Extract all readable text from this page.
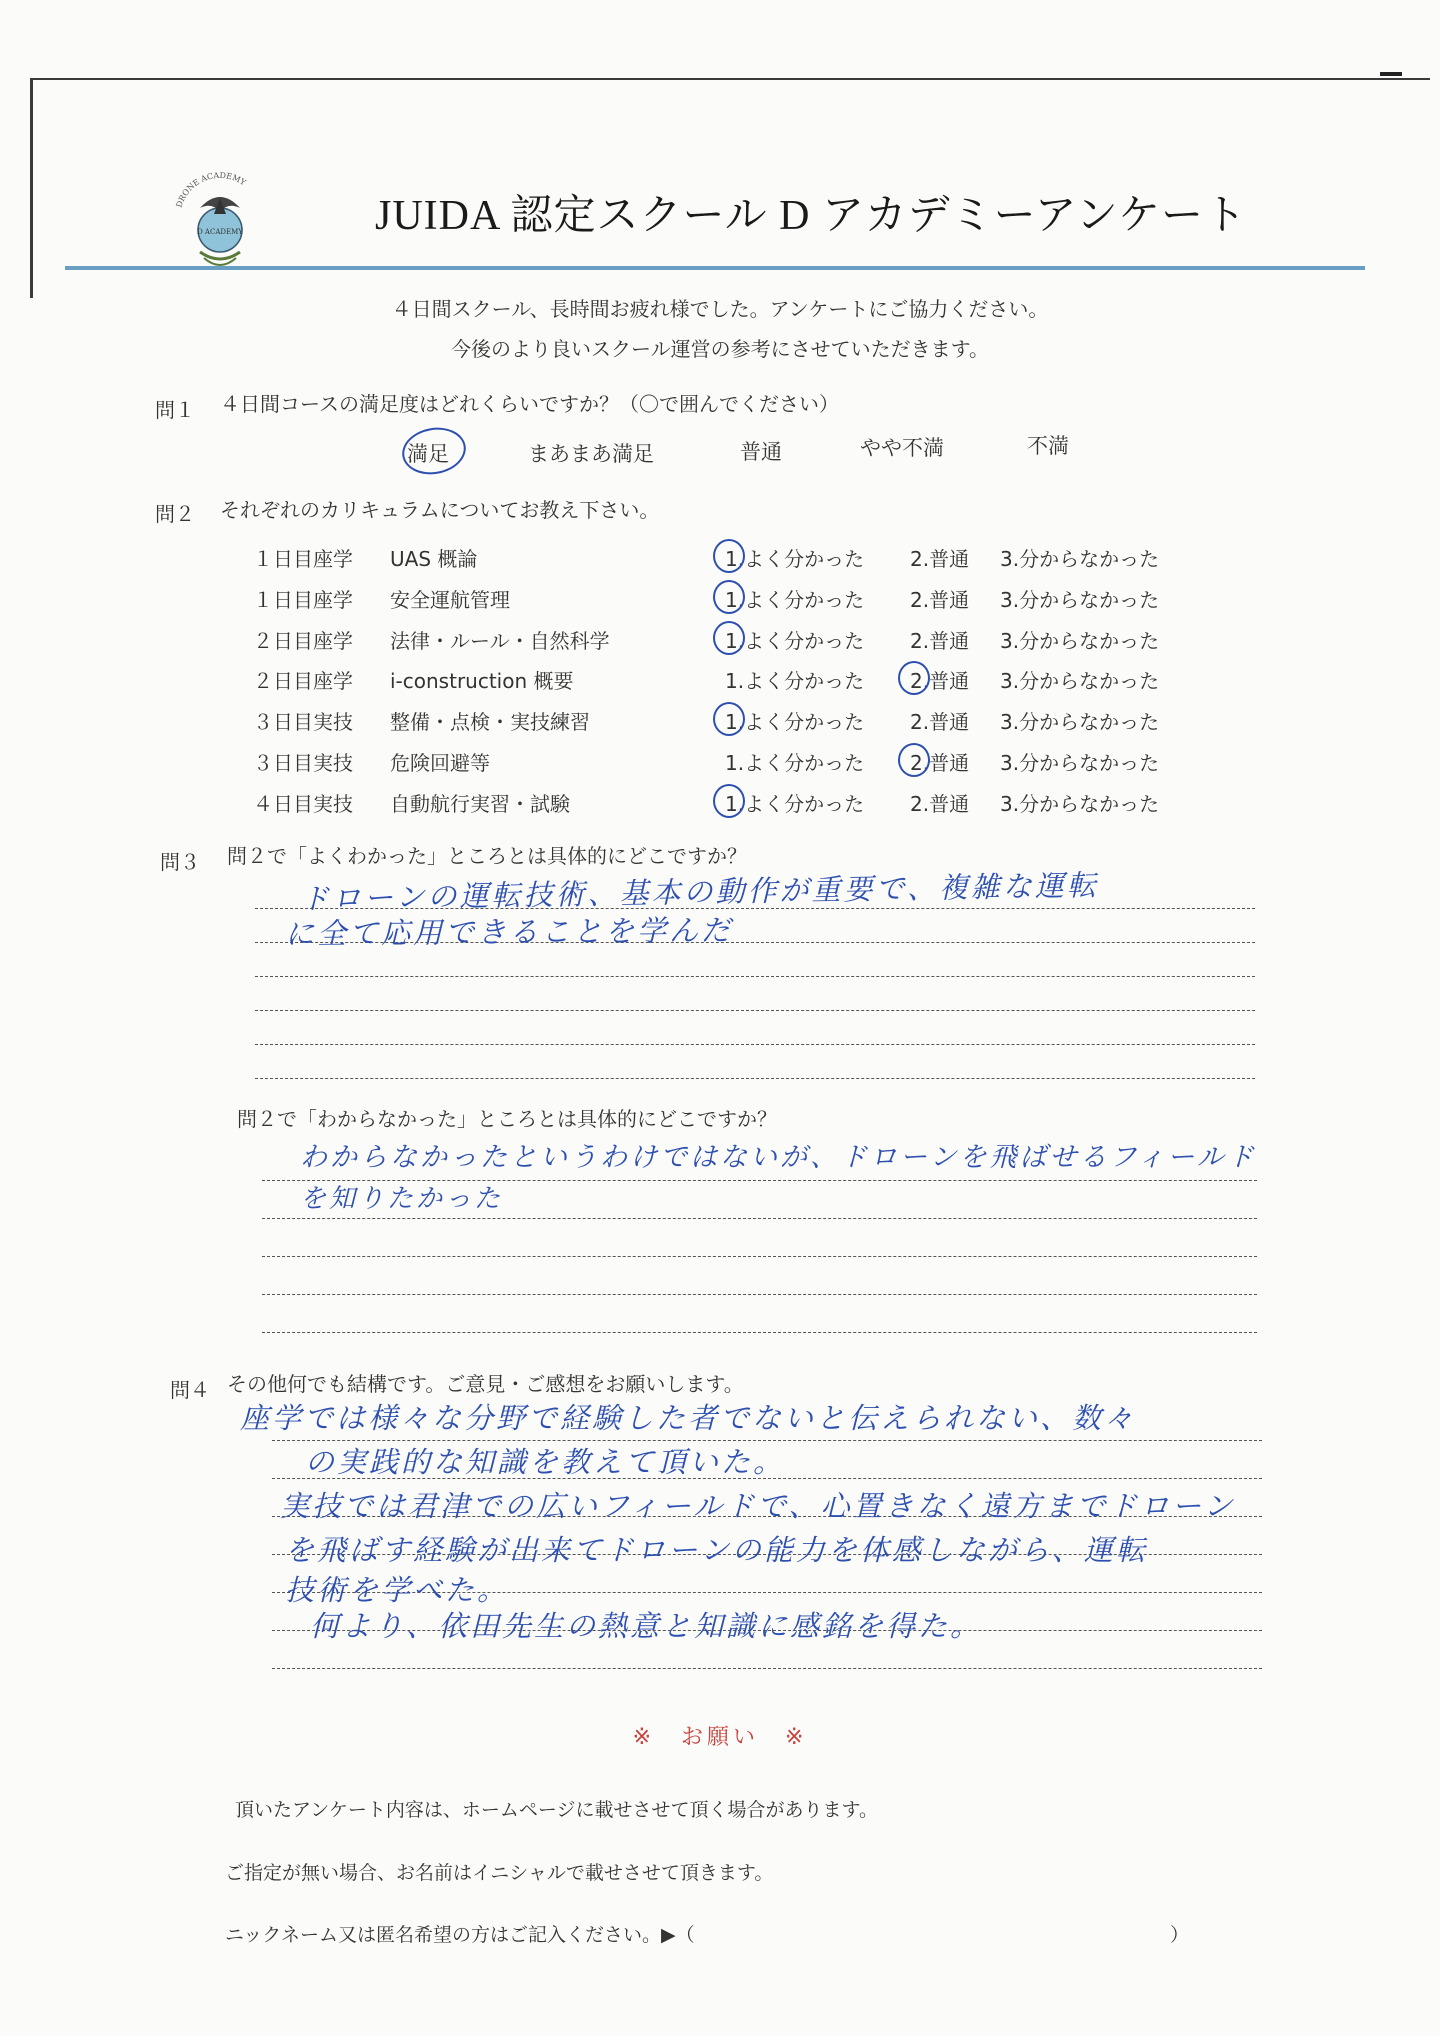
DRONE ACADEMY
D ACADEMY	JUIDA 認定スクール D アカデミーアンケート
４日間スクール、長時間お疲れ様でした。アンケートにご協力ください。
今後のより良いスクール運営の参考にさせていただきます。
問１ ４日間コースの満足度はどれくらいですか？（〇で囲んでください）
満足	まあまあ満足	普通	やや不満	不満
問２ それぞれのカリキュラムについてお教え下さい。
１日目座学 UAS 概論	1.よく分かった 2.普通 3.分からなかった
１日目座学 安全運航管理	1.よく分かった 2.普通 3.分からなかった
２日目座学 法律・ルール・自然科学	1.よく分かった 2.普通 3.分からなかった
２日目座学 i-construction 概要	1.よく分かった 2.普通 3.分からなかった
３日目実技 整備・点検・実技練習	1.よく分かった 2.普通 3.分からなかった
３日目実技 危険回避等	1.よく分かった 2.普通 3.分からなかった
４日目実技 自動航行実習・試験	1.よく分かった 2.普通 3.分からなかった
問３ 問２で「よくわかった」ところとは具体的にどこですか？
ドローンの運転技術、基本の動作が重要で、複雑な運転
に全て応用できることを学んだ
問２で「わからなかった」ところとは具体的にどこですか？
わからなかったというわけではないが、ドローンを飛ばせるフィールド
を知りたかった
問４ その他何でも結構です。ご意見・ご感想をお願いします。
座学では様々な分野で経験した者でないと伝えられない、数々
の実践的な知識を教えて頂いた。
実技では君津での広いフィールドで、心置きなく遠方までドローン
を飛ばす経験が出来てドローンの能力を体感しながら、運転
技術を学べた。
何より、依田先生の熱意と知識に感銘を得た。
※　お願い　※
頂いたアンケート内容は、ホームページに載せさせて頂く場合があります。
ご指定が無い場合、お名前はイニシャルで載せさせて頂きます。
ニックネーム又は匿名希望の方はご記入ください。▶（	）
